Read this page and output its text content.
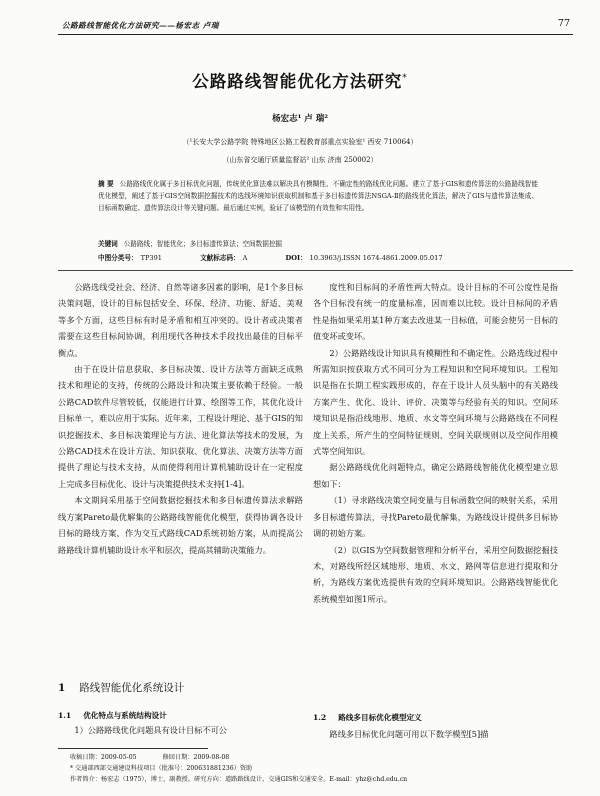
公路路线智能优化方法研究——杨宏志 卢瑞	77
公路路线智能优化方法研究*
杨宏志¹ 卢 瑞²
（¹长安大学公路学院 特殊地区公路工程教育部重点实验室¹ 西安 710064）
（山东省交通厅质量监督站² 山东 济南 250002）
摘 要 公路路线优化属于多目标优化问题，传统优化算法难以解决具有模糊性、不确定性的路线优化问题。建立了基于GIS和遗传算法的公路路线智能优化模型，阐述了基于GIS空间数据挖掘技术的选线环境知识获取机制和基于多目标遗传算法NSGA-Ⅱ的路线优化算法，解决了GIS与遗传算法集成、目标函数确定、遗传算法设计等关键问题。最后通过实例，验证了该模型的有效性和实用性。
关键词 公路路线；智能优化；多目标遗传算法；空间数据挖掘
中图分类号： TP391	文献标志码： A	DOI： 10.3963/j.ISSN 1674-4861.2009.05.017

公路选线受社会、经济、自然等诸多因素的影响，是1个多目标决策问题，设计的目标包括安全、环保、经济、功能、舒适、美观等多个方面，这些目标有时是矛盾和相互冲突的。设计者或决策者需要在这些目标间协调，利用现代各种技术手段找出最佳的目标平衡点。

由于在设计信息获取、多目标决策、设计方法等方面缺乏成熟技术和理论的支持，传统的公路设计和决策主要依赖于经验。一般公路CAD软件尽管较低，仅能进行计算、绘图等工作，其优化设计目标单一，难以应用于实际。近年来，工程设计理论、基于GIS的知识挖掘技术、多目标决策理论与方法、进化算法等技术的发展，为公路CAD技术在设计方法、知识获取、优化算法、决策方法等方面提供了理论与技术支持，从而使得利用计算机辅助设计在一定程度上完成多目标优化、设计与决策提供技术支持[1-4]。

本文期间采用基于空间数据挖掘技术和多目标遗传算法求解路线方案Pareto最优解集的公路路线智能优化模型，获得协调各设计目标的路线方案，作为交互式路线CAD系统初始方案，从而提高公路路线计算机辅助设计水平和层次，提高其辅助决策能力。

度性和目标间的矛盾性两大特点。设计目标的不可公度性是指各个目标没有统一的度量标准，因而难以比较。设计目标间的矛盾性是指如果采用某1种方案去改进某一目标值，可能会使另一目标的值变坏或变坏。

2）公路路线设计知识具有模糊性和不确定性。公路选线过程中所需知识按获取方式不同可分为工程知识和空间环境知识。工程知识是指在长期工程实践形成的，存在于设计人员头脑中的有关路线方案产生、优化、设计、评价、决策等与经验有关的知识。空间环境知识是指沿线地形、地质、水文等空间环境与公路路线在不同程度上关系，所产生的空间特征规则、空间关联规则以及空间作用模式等空间知识。

据公路路线优化问题特点，确定公路路线智能优化模型建立思想如下：

（1）寻求路线决策空间变量与目标函数空间的映射关系，采用多目标遗传算法，寻找Pareto最优解集，为路线设计提供多目标协调的初始方案。

（2）以GIS为空间数据管理和分析平台，采用空间数据挖掘技术，对路线所经区域地形、地质、水文、路网等信息进行提取和分析，为路线方案优选提供有效的空间环境知识。公路路线智能优化系统模型如图1所示。

1 路线智能优化系统设计
1.1 优化特点与系统结构设计
1）公路路线优化问题具有设计目标不可公
1.2 路线多目标优化模型定义
路线多目标优化问题可用以下数学模型[5]描
收稿日期：2009-05-05	修回日期：2009-08-08
* 交通部西部交通建设科技项目（批准号：200631881236）资助
作者简介：杨宏志（1975），博士，副教授。研究方向：道路路线设计，交通GIS和交通安全。E-mail：yhz@chd.edu.cn
